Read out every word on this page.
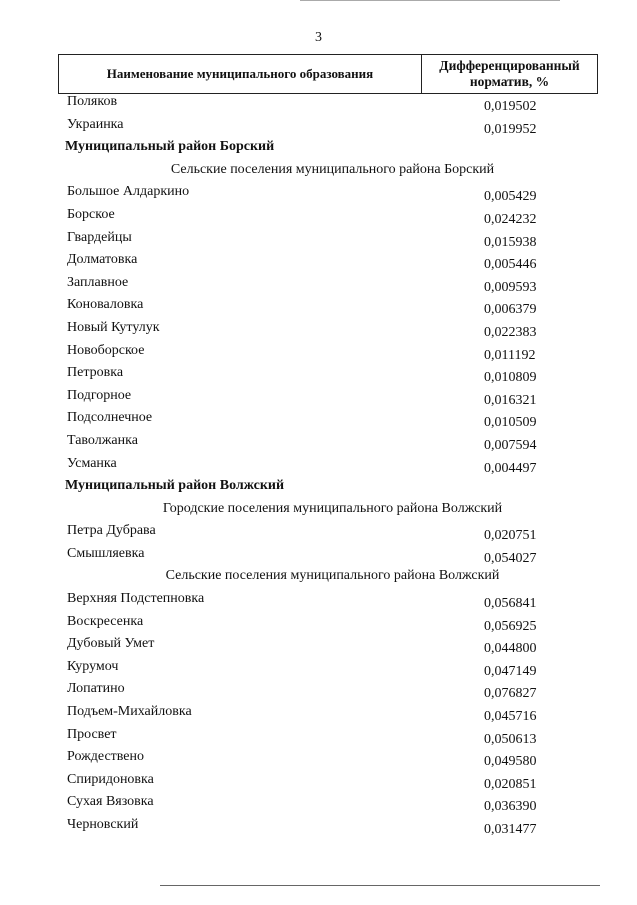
3
Наименование муниципального образования
Дифференцированный
норматив, %
Поляков	0,019502
Украинка	0,019952
Муниципальный район Борский
Сельские поселения муниципального района Борский
Большое Алдаркино	0,005429
Борское	0,024232
Гвардейцы	0,015938
Долматовка	0,005446
Заплавное	0,009593
Коноваловка	0,006379
Новый Кутулук	0,022383
Новоборское	0,011192
Петровка	0,010809
Подгорное	0,016321
Подсолнечное	0,010509
Таволжанка	0,007594
Усманка	0,004497
Муниципальный район Волжский
Городские поселения муниципального района Волжский
Петра Дубрава	0,020751
Смышляевка	0,054027
Сельские поселения муниципального района Волжский
Верхняя Подстепновка	0,056841
Воскресенка	0,056925
Дубовый Умет	0,044800
Курумоч	0,047149
Лопатино	0,076827
Подъем-Михайловка	0,045716
Просвет	0,050613
Рождествено	0,049580
Спиридоновка	0,020851
Сухая Вязовка	0,036390
Черновский	0,031477
